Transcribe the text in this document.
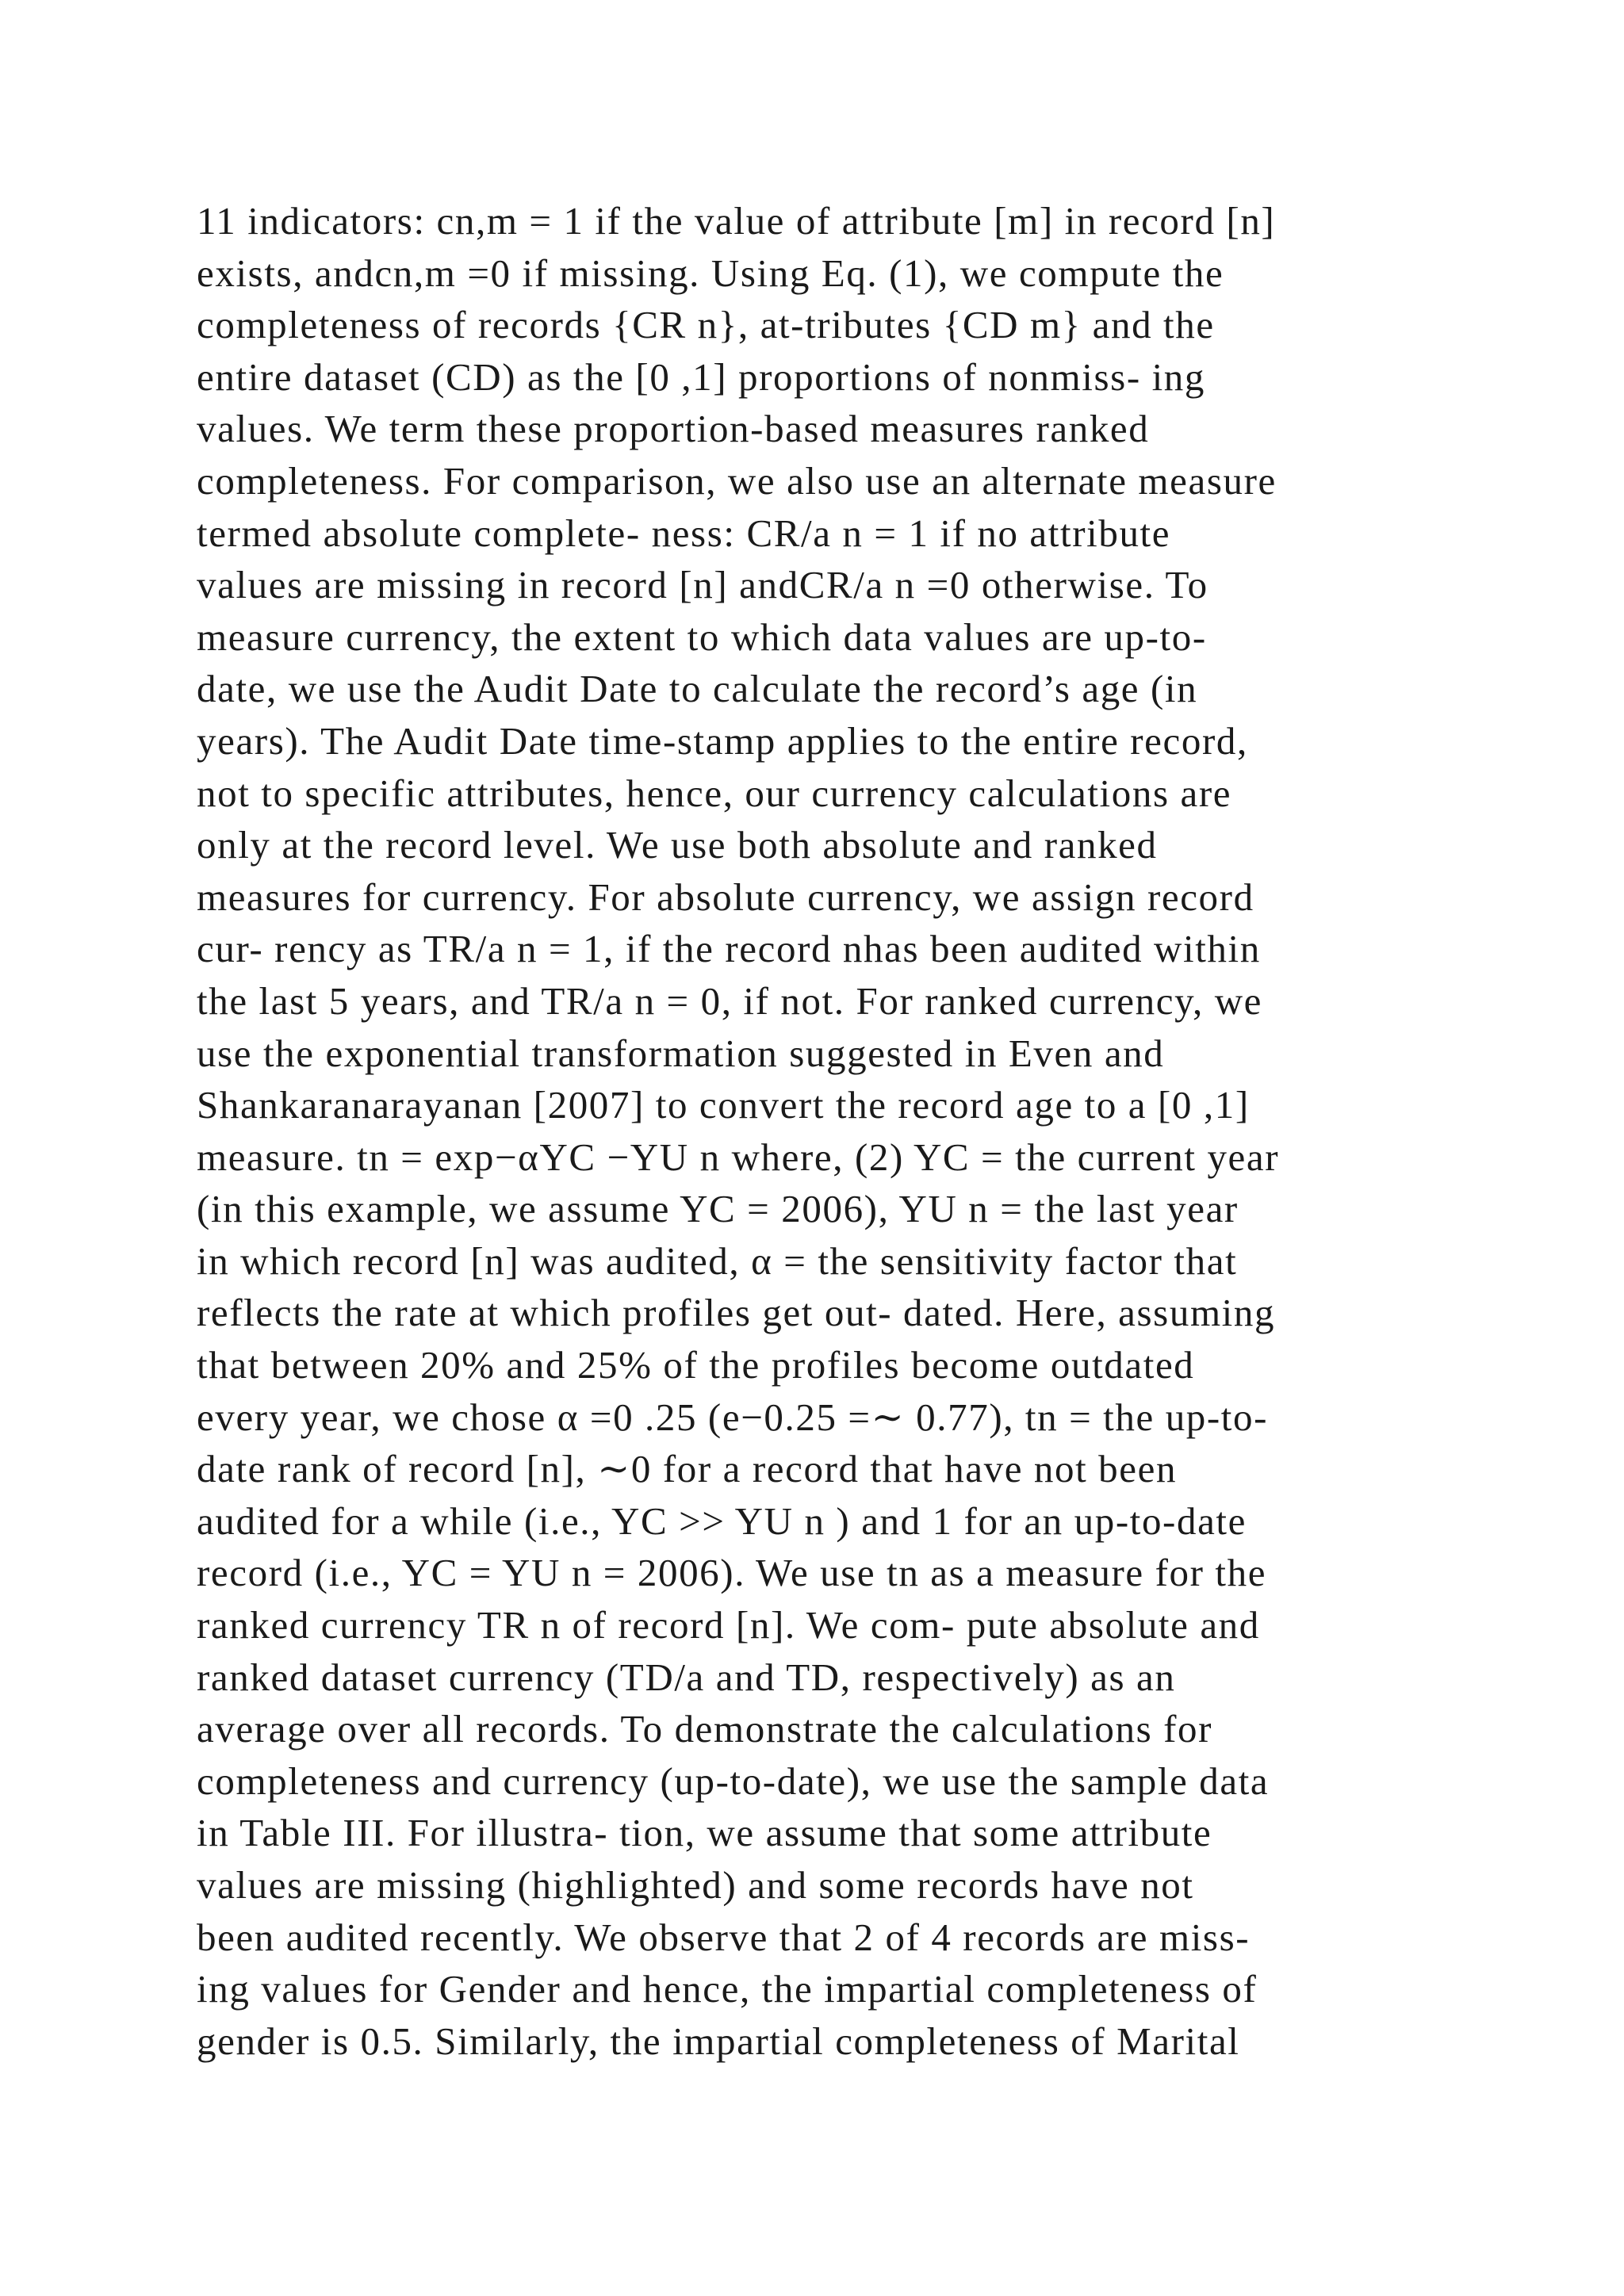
11 indicators: cn,m = 1 if the value of attribute [m] in record [n]
exists, andcn,m =0 if missing. Using Eq. (1), we compute the
completeness of records {CR n}, at-tributes {CD m} and the
entire dataset (CD) as the [0 ,1] proportions of nonmiss- ing
values. We term these proportion-based measures ranked
completeness. For comparison, we also use an alternate measure
termed absolute complete- ness: CR/a n = 1 if no attribute
values are missing in record [n] andCR/a n =0 otherwise. To
measure currency, the extent to which data values are up-to-
date, we use the Audit Date to calculate the record’s age (in
years). The Audit Date time-stamp applies to the entire record,
not to specific attributes, hence, our currency calculations are
only at the record level. We use both absolute and ranked
measures for currency. For absolute currency, we assign record
cur- rency as TR/a n = 1, if the record nhas been audited within
the last 5 years, and TR/a n = 0, if not. For ranked currency, we
use the exponential transformation suggested in Even and
Shankaranarayanan [2007] to convert the record age to a [0 ,1]
measure. tn = exp−αYC −YU n where, (2) YC = the current year
(in this example, we assume YC = 2006), YU n = the last year
in which record [n] was audited, α = the sensitivity factor that
reflects the rate at which profiles get out- dated. Here, assuming
that between 20% and 25% of the profiles become outdated
every year, we chose α =0 .25 (e−0.25 =∼ 0.77), tn = the up-to-
date rank of record [n], ∼0 for a record that have not been
audited for a while (i.e., YC >> YU n ) and 1 for an up-to-date
record (i.e., YC = YU n = 2006). We use tn as a measure for the
ranked currency TR n of record [n]. We com- pute absolute and
ranked dataset currency (TD/a and TD, respectively) as an
average over all records. To demonstrate the calculations for
completeness and currency (up-to-date), we use the sample data
in Table III. For illustra- tion, we assume that some attribute
values are missing (highlighted) and some records have not
been audited recently. We observe that 2 of 4 records are miss-
ing values for Gender and hence, the impartial completeness of
gender is 0.5. Similarly, the impartial completeness of Marital
